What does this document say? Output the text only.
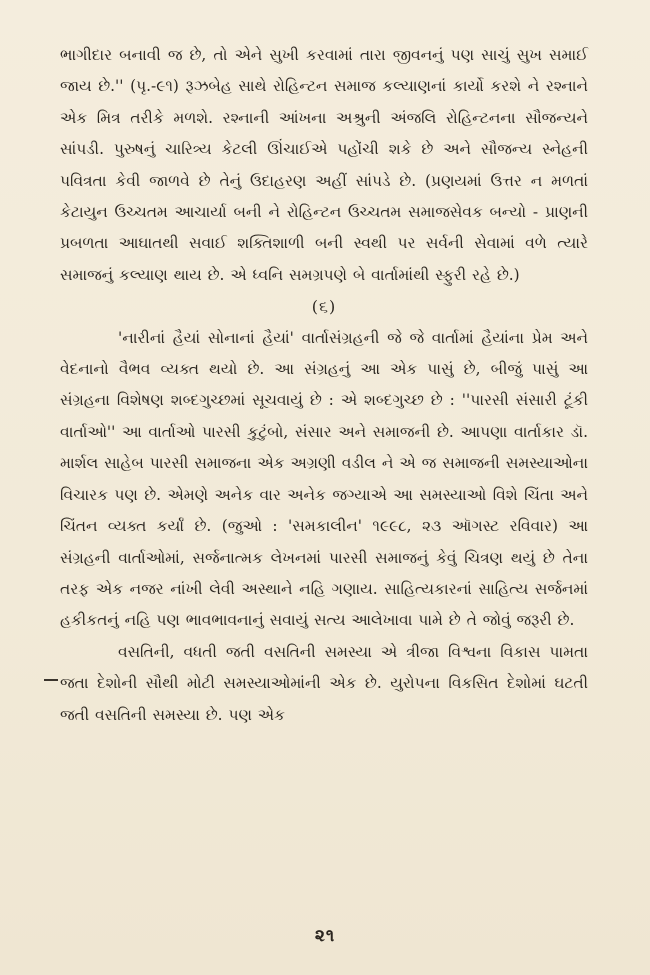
ભાગીદાર બનાવી જ છે, તો એને સુખી કરવામાં તારા જીવનનું પણ સાચું સુખ સમાઈ જાય છે.'' (પૃ.-૯૧) રૂઝબેહ સાથે રોહિન્ટન સમાજ કલ્યાણનાં કાર્યો કરશે ને રશ્નાને એક મિત્ર તરીકે મળશે. રશ્નાની આંખના અશ્રુની અંજલિ રોહિન્ટનના સૌજન્યને સાંપડી. પુરુષનું ચારિત્ર્ય કેટલી ઊંચાઈએ પહોંચી શકે છે અને સૌજન્ય સ્નેહની પવિત્રતા કેવી જાળવે છે તેનું ઉદાહરણ અહીં સાંપડે છે. (પ્રણયમાં ઉત્તર ન મળતાં કેટાયુન ઉચ્ચતમ આચાર્યા બની ને રોહિન્ટન ઉચ્ચતમ સમાજસેવક બન્યો - પ્રાણની પ્રબળતા આઘાતથી સવાઈ શક્તિશાળી બની સ્વથી પર સર્વની સેવામાં વળે ત્યારે સમાજનું કલ્યાણ થાય છે. એ ધ્વનિ સમગ્રપણે બે વાર્તામાંથી સ્ફુરી રહે છે.)

(૬)

'નારીનાં હૈયાં સોનાનાં હૈયાં' વાર્તાસંગ્રહની જે જે વાર્તામાં હૈયાંના પ્રેમ અને વેદનાનો વૈભવ વ્યક્ત થયો છે. આ સંગ્રહનું આ એક પાસું છે, બીજું પાસું આ સંગ્રહના વિશેષણ શબ્દગુચ્છમાં સૂચવાયું છે : એ શબ્દગુચ્છ છે : ''પારસી સંસારી ટૂંકી વાર્તાઓ'' આ વાર્તાઓ પારસી કુટુંબો, સંસાર અને સમાજની છે. આપણા વાર્તાકાર ડૉ. માર્શલ સાહેબ પારસી સમાજના એક અગ્રણી વડીલ ને એ જ સમાજની સમસ્યાઓના વિચારક પણ છે. એમણે અનેક વાર અનેક જગ્યાએ આ સમસ્યાઓ વિશે ચિંતા અને ચિંતન વ્યક્ત કર્યાં છે. (જુઓ : 'સમકાલીન' ૧૯૯૮, ૨૩ ઑગસ્ટ રવિવાર) આ સંગ્રહની વાર્તાઓમાં, સર્જનાત્મક લેખનમાં પારસી સમાજનું કેવું ચિત્રણ થયું છે તેના તરફ એક નજર નાંખી લેવી અસ્થાને નહિ ગણાય. સાહિત્યકારનાં સાહિત્ય સર્જનમાં હકીકતનું નહિ પણ ભાવભાવનાનું સવાયું સત્ય આલેખાવા પામે છે તે જોવું જરૂરી છે.

વસતિની, વધતી જતી વસતિની સમસ્યા એ ત્રીજા વિશ્વના વિકાસ પામતા જતા દેશોની સૌથી મોટી સમસ્યાઓમાંની એક છે. યુરોપના વિકસિત દેશોમાં ઘટતી જતી વસતિની સમસ્યા છે. પણ એક

૨૧
